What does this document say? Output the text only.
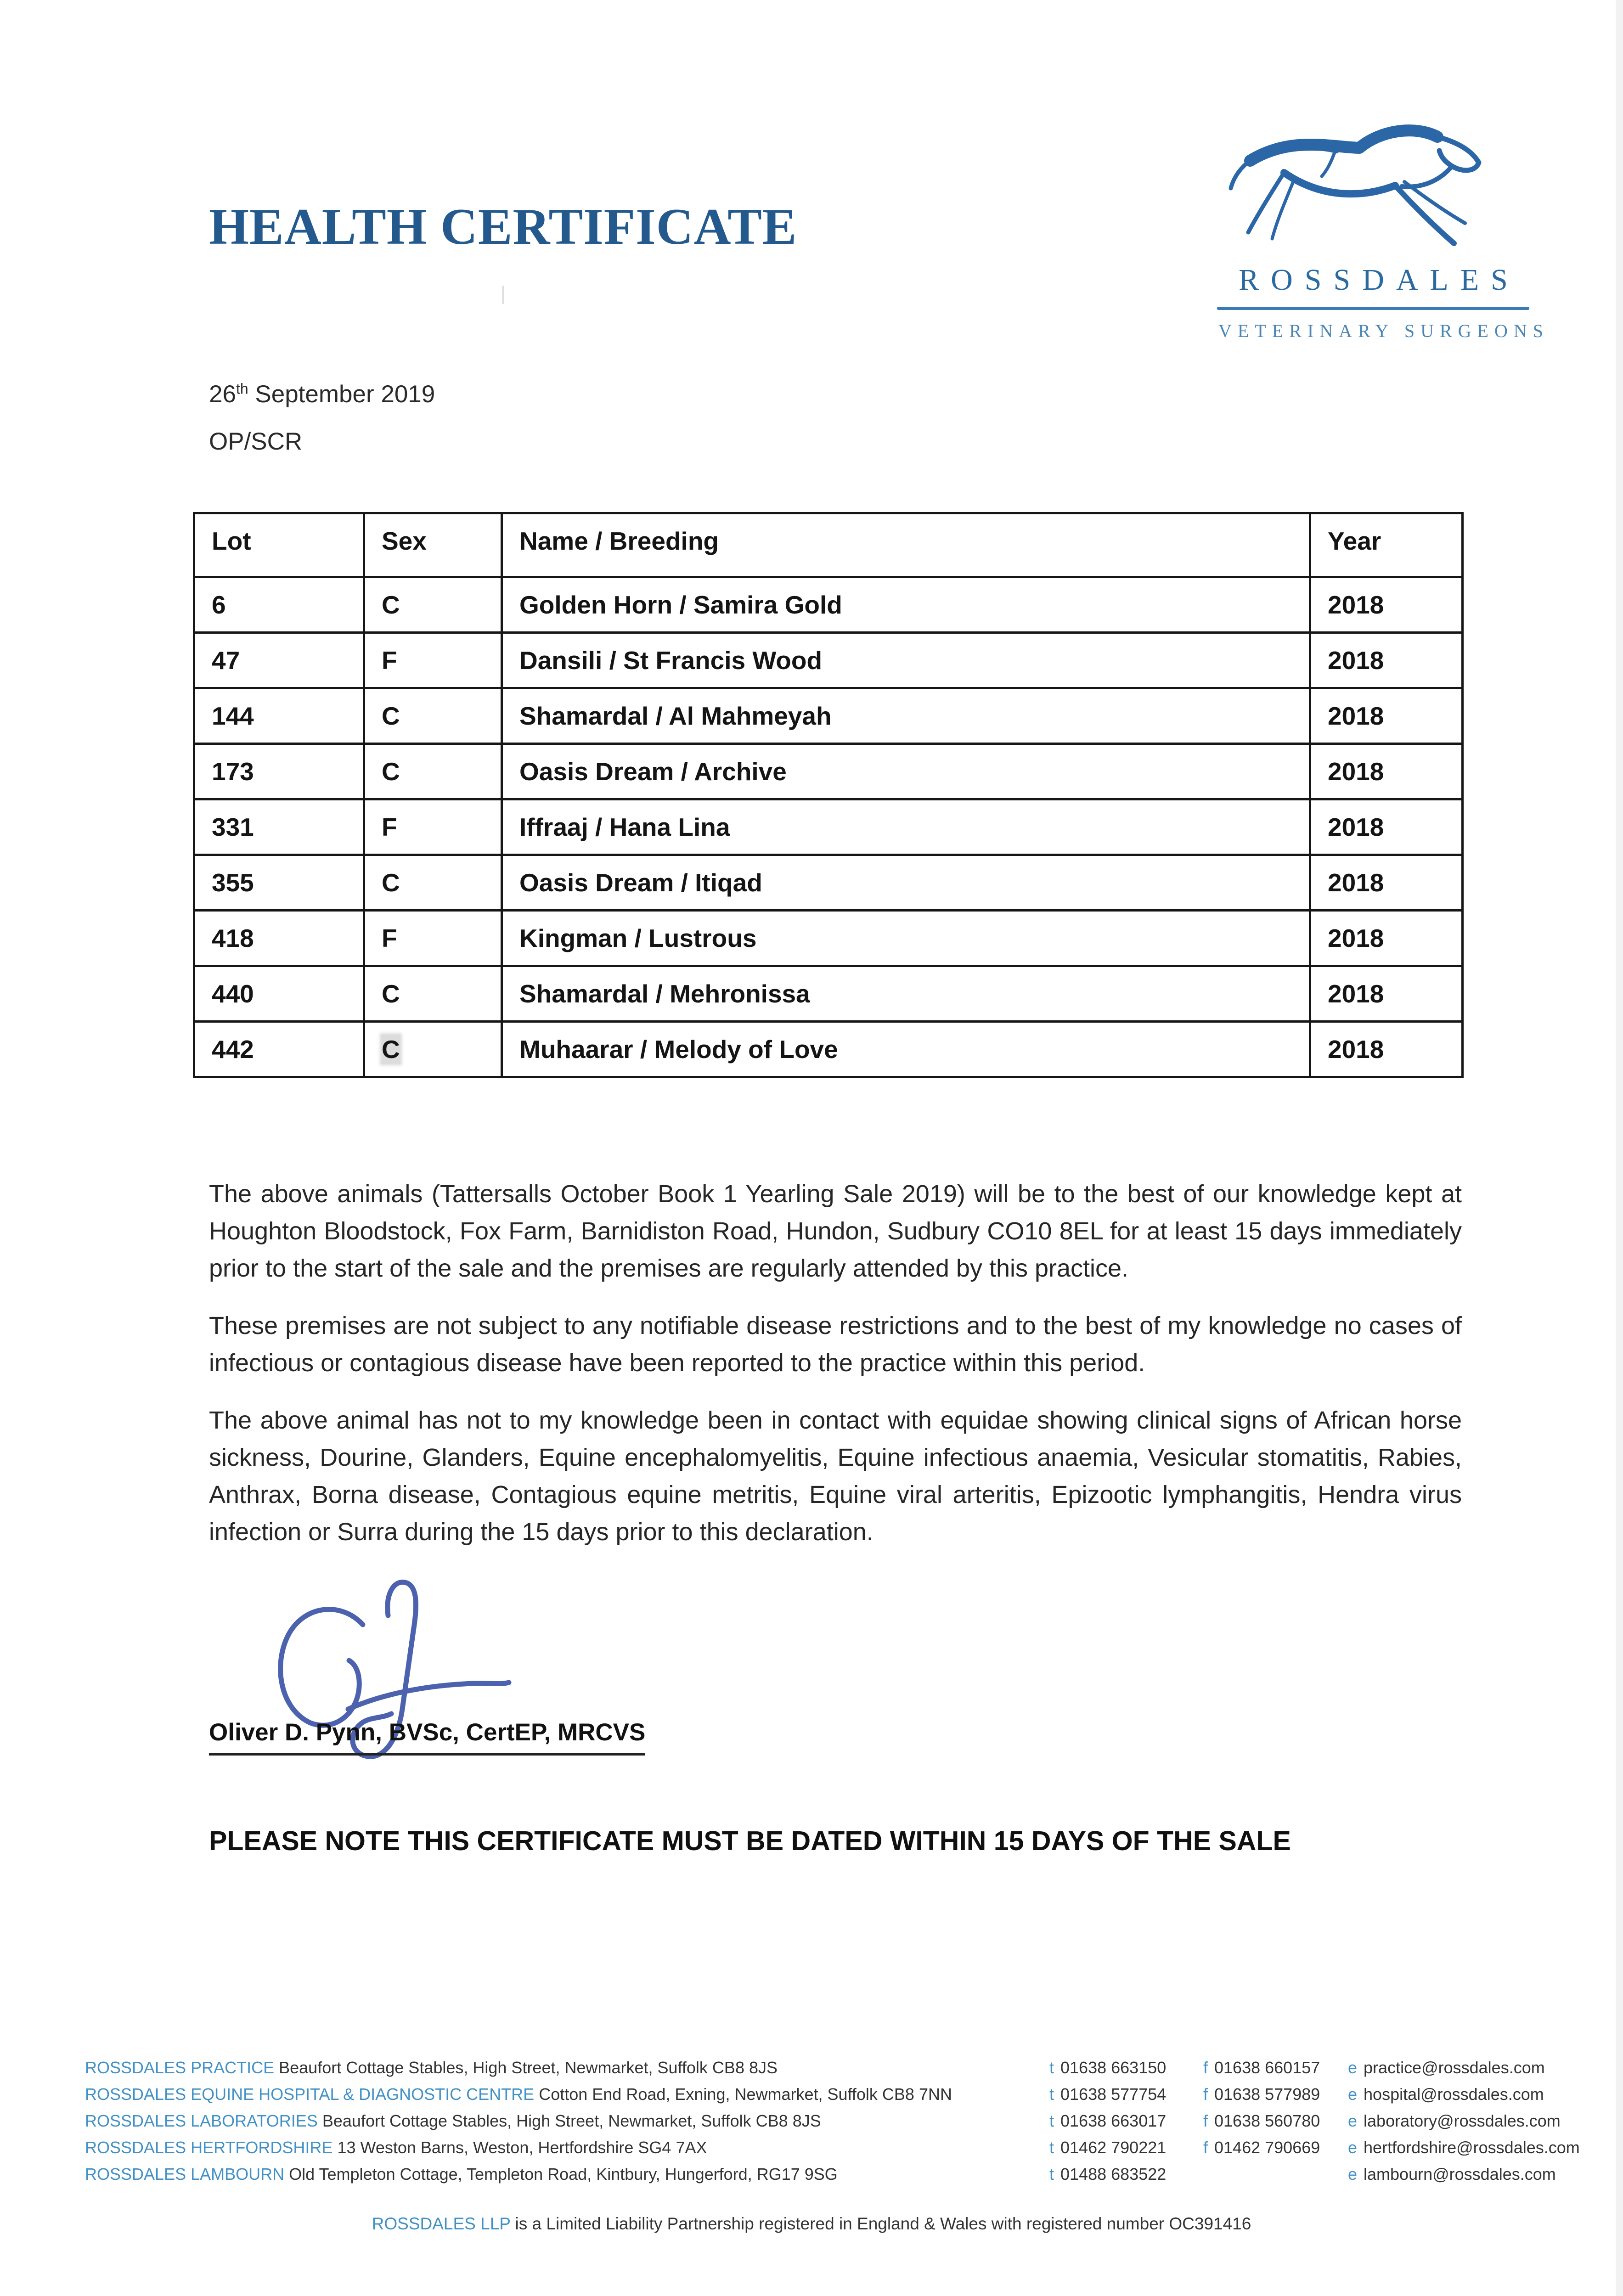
HEALTH CERTIFICATE
ROSSDALES
VETERINARY SURGEONS
26th September 2019
OP/SCR
Lot	Sex	Name / Breeding	Year
6	C	Golden Horn / Samira Gold	2018
47	F	Dansili / St Francis Wood	2018
144	C	Shamardal / Al Mahmeyah	2018
173	C	Oasis Dream / Archive	2018
331	F	Iffraaj / Hana Lina	2018
355	C	Oasis Dream / Itiqad	2018
418	F	Kingman / Lustrous	2018
440	C	Shamardal / Mehronissa	2018
442	C	Muhaarar / Melody of Love	2018

The above animals (Tattersalls October Book 1 Yearling Sale 2019) will be to the best of our knowledge kept at Houghton Bloodstock, Fox Farm, Barnidiston Road, Hundon, Sudbury CO10 8EL for at least 15 days immediately prior to the start of the sale and the premises are regularly attended by this practice.

These premises are not subject to any notifiable disease restrictions and to the best of my knowledge no cases of infectious or contagious disease have been reported to the practice within this period.

The above animal has not to my knowledge been in contact with equidae showing clinical signs of African horse sickness, Dourine, Glanders, Equine encephalomyelitis, Equine infectious anaemia, Vesicular stomatitis, Rabies, Anthrax, Borna disease, Contagious equine metritis, Equine viral arteritis, Epizootic lymphangitis, Hendra virus infection or Surra during the 15 days prior to this declaration.

Oliver D. Pynn, BVSc, CertEP, MRCVS
PLEASE NOTE THIS CERTIFICATE MUST BE DATED WITHIN 15 DAYS OF THE SALE
ROSSDALES PRACTICE Beaufort Cottage Stables, High Street, Newmarket, Suffolk CB8 8JS	t 01638 663150 f 01638 660157 e practice@rossdales.com
ROSSDALES EQUINE HOSPITAL & DIAGNOSTIC CENTRE Cotton End Road, Exning, Newmarket, Suffolk CB8 7NN	t 01638 577754 f 01638 577989 e hospital@rossdales.com
ROSSDALES LABORATORIES Beaufort Cottage Stables, High Street, Newmarket, Suffolk CB8 8JS	t 01638 663017 f 01638 560780 e laboratory@rossdales.com
ROSSDALES HERTFORDSHIRE 13 Weston Barns, Weston, Hertfordshire SG4 7AX	t 01462 790221 f 01462 790669 e hertfordshire@rossdales.com
ROSSDALES LAMBOURN Old Templeton Cottage, Templeton Road, Kintbury, Hungerford, RG17 9SG	t 01488 683522	e lambourn@rossdales.com
ROSSDALES LLP is a Limited Liability Partnership registered in England & Wales with registered number OC391416
